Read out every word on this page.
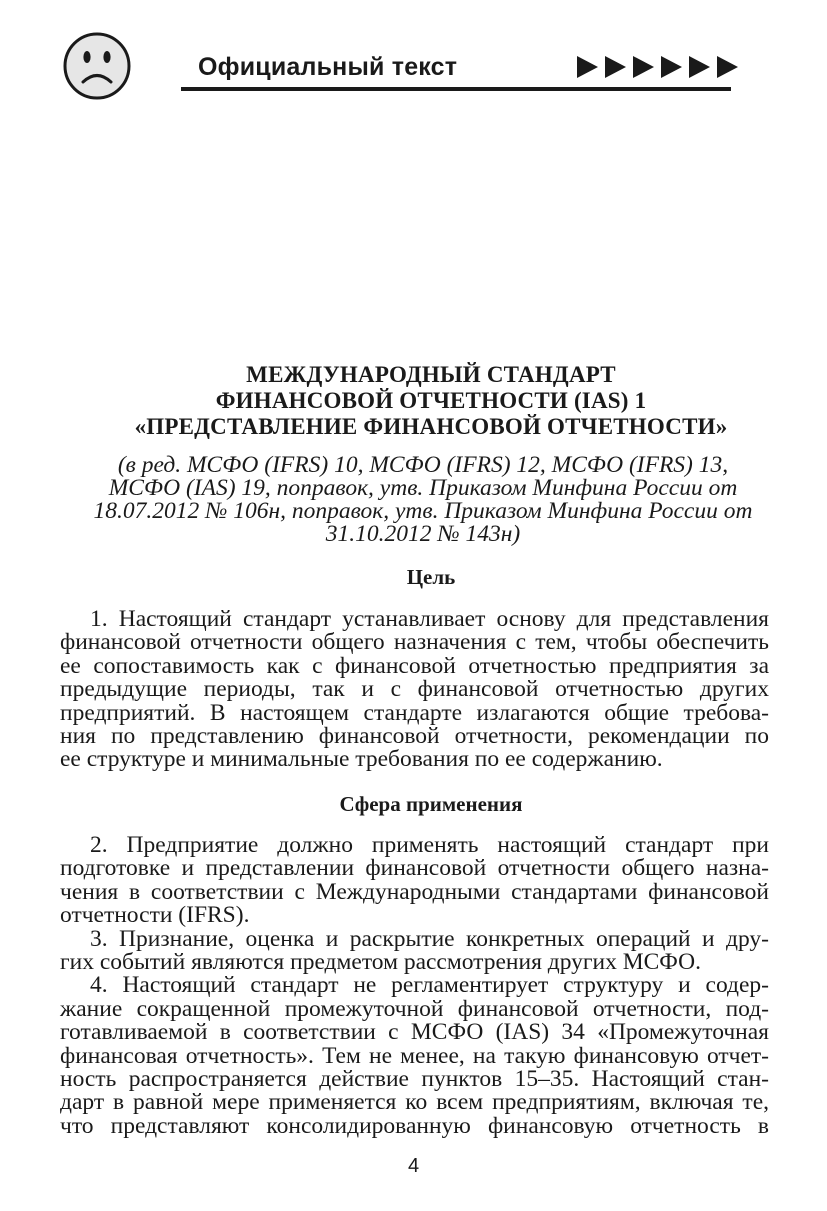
Официальный текст
МЕЖДУНАРОДНЫЙ СТАНДАРТ
ФИНАНСОВОЙ ОТЧЕТНОСТИ (IAS) 1
«ПРЕДСТАВЛЕНИЕ ФИНАНСОВОЙ ОТЧЕТНОСТИ»
(в ред. МСФО (IFRS) 10, МСФО (IFRS) 12, МСФО (IFRS) 13,
МСФО (IAS) 19, поправок, утв. Приказом Минфина России от
18.07.2012 № 106н, поправок, утв. Приказом Минфина России от
31.10.2012 № 143н)
Цель
1. Настоящий стандарт устанавливает основу для представления
финансовой отчетности общего назначения с тем, чтобы обеспечить
ее сопоставимость как с финансовой отчетностью предприятия за
предыдущие периоды, так и с финансовой отчетностью других
предприятий. В настоящем стандарте излагаются общие требова-
ния по представлению финансовой отчетности, рекомендации по
ее структуре и минимальные требования по ее содержанию.
Сфера применения
2. Предприятие должно применять настоящий стандарт при
подготовке и представлении финансовой отчетности общего назна-
чения в соответствии с Международными стандартами финансовой
отчетности (IFRS).
3. Признание, оценка и раскрытие конкретных операций и дру-
гих событий являются предметом рассмотрения других МСФО.
4. Настоящий стандарт не регламентирует структуру и содер-
жание сокращенной промежуточной финансовой отчетности, под-
готавливаемой в соответствии с МСФО (IAS) 34 «Промежуточная
финансовая отчетность». Тем не менее, на такую финансовую отчет-
ность распространяется действие пунктов 15–35. Настоящий стан-
дарт в равной мере применяется ко всем предприятиям, включая те,
что представляют консолидированную финансовую отчетность в
4
